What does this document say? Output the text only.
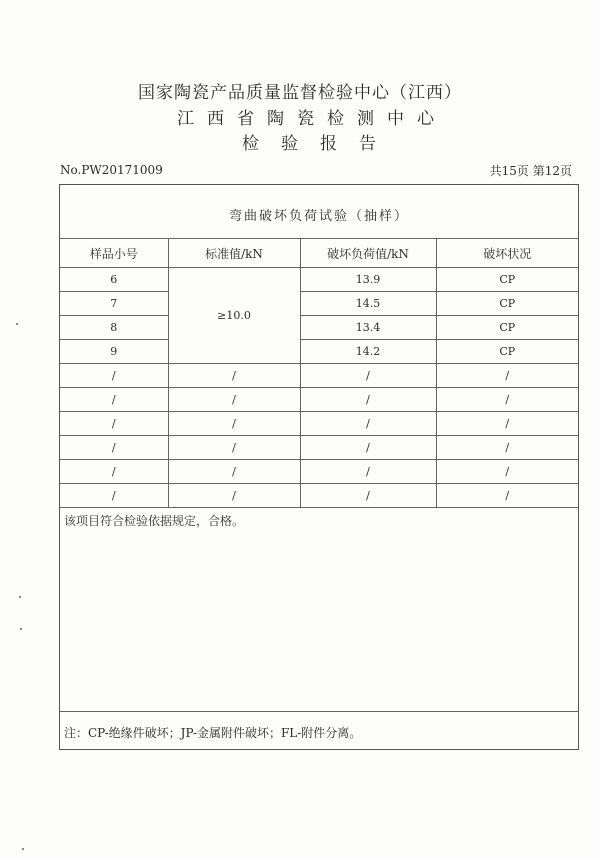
国家陶瓷产品质量监督检验中心（江西）
江西省陶瓷检测中心
检验报告
No.PW20171009	共15页 第12页
弯曲破坏负荷试验（抽样）
样品小号	标准值/kN	破坏负荷值/kN	破坏状况
6	≥10.0	13.9	CP
7		14.5	CP
8		13.4	CP
9		14.2	CP
/	/	/	/
/	/	/	/
/	/	/	/
/	/	/	/
/	/	/	/
/	/	/	/
该项目符合检验依据规定，合格。
注：CP-绝缘件破坏；JP-金属附件破坏；FL-附件分离。
